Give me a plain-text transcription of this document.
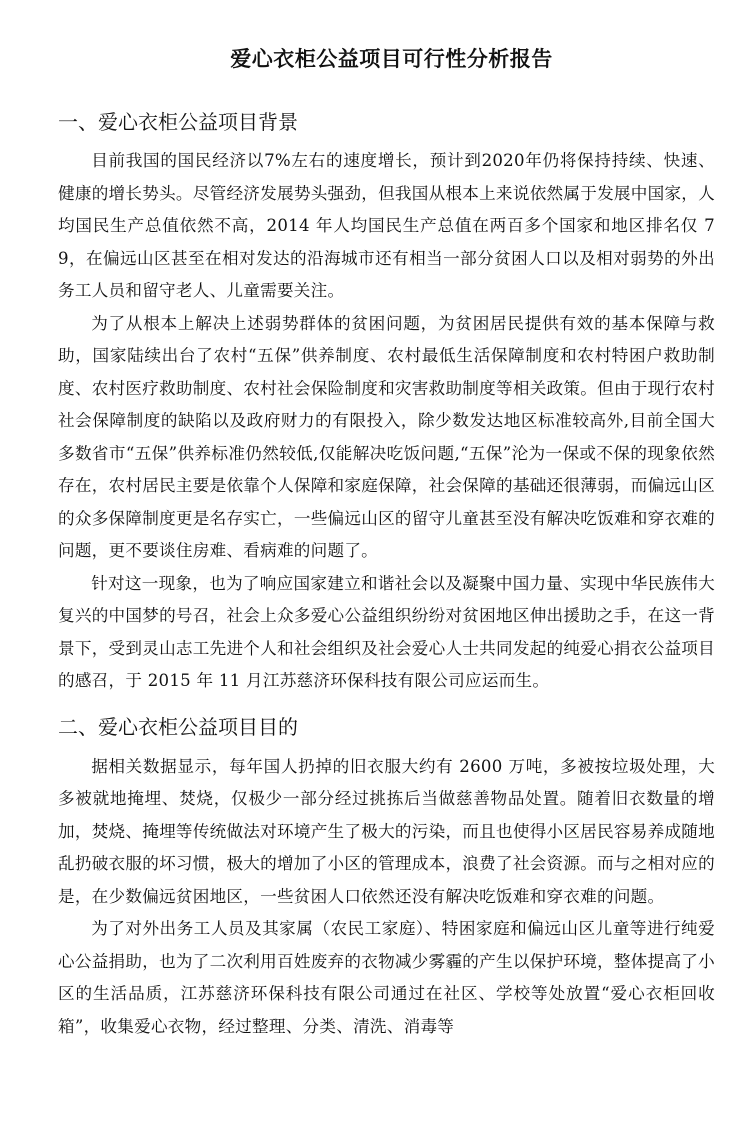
爱心衣柜公益项目可行性分析报告
一、爱心衣柜公益项目背景

目前我国的国民经济以7%左右的速度增长，预计到2020年仍将保持持续、快速、健康的增长势头。尽管经济发展势头强劲，但我国从根本上来说依然属于发展中国家，人均国民生产总值依然不高，2014 年人均国民生产总值在两百多个国家和地区排名仅 79，在偏远山区甚至在相对发达的沿海城市还有相当一部分贫困人口以及相对弱势的外出务工人员和留守老人、儿童需要关注。

为了从根本上解决上述弱势群体的贫困问题，为贫困居民提供有效的基本保障与救助，国家陆续出台了农村“五保”供养制度、农村最低生活保障制度和农村特困户救助制度、农村医疗救助制度、农村社会保险制度和灾害救助制度等相关政策。但由于现行农村社会保障制度的缺陷以及政府财力的有限投入，除少数发达地区标准较高外,目前全国大多数省市“五保”供养标准仍然较低,仅能解决吃饭问题,“五保”沦为一保或不保的现象依然存在，农村居民主要是依靠个人保障和家庭保障，社会保障的基础还很薄弱，而偏远山区的众多保障制度更是名存实亡，一些偏远山区的留守儿童甚至没有解决吃饭难和穿衣难的问题，更不要谈住房难、看病难的问题了。

针对这一现象，也为了响应国家建立和谐社会以及凝聚中国力量、实现中华民族伟大复兴的中国梦的号召，社会上众多爱心公益组织纷纷对贫困地区伸出援助之手，在这一背景下，受到灵山志工先进个人和社会组织及社会爱心人士共同发起的纯爱心捐衣公益项目的感召，于 2015 年 11 月江苏慈济环保科技有限公司应运而生。

二、爱心衣柜公益项目目的

据相关数据显示，每年国人扔掉的旧衣服大约有 2600 万吨，多被按垃圾处理，大多被就地掩埋、焚烧，仅极少一部分经过挑拣后当做慈善物品处置。随着旧衣数量的增加，焚烧、掩埋等传统做法对环境产生了极大的污染，而且也使得小区居民容易养成随地乱扔破衣服的坏习惯，极大的增加了小区的管理成本，浪费了社会资源。而与之相对应的是，在少数偏远贫困地区，一些贫困人口依然还没有解决吃饭难和穿衣难的问题。

为了对外出务工人员及其家属（农民工家庭）、特困家庭和偏远山区儿童等进行纯爱心公益捐助，也为了二次利用百姓废弃的衣物减少雾霾的产生以保护环境，整体提高了小区的生活品质，江苏慈济环保科技有限公司通过在社区、学校等处放置“爱心衣柜回收箱”，收集爱心衣物，经过整理、分类、清洗、消毒等
